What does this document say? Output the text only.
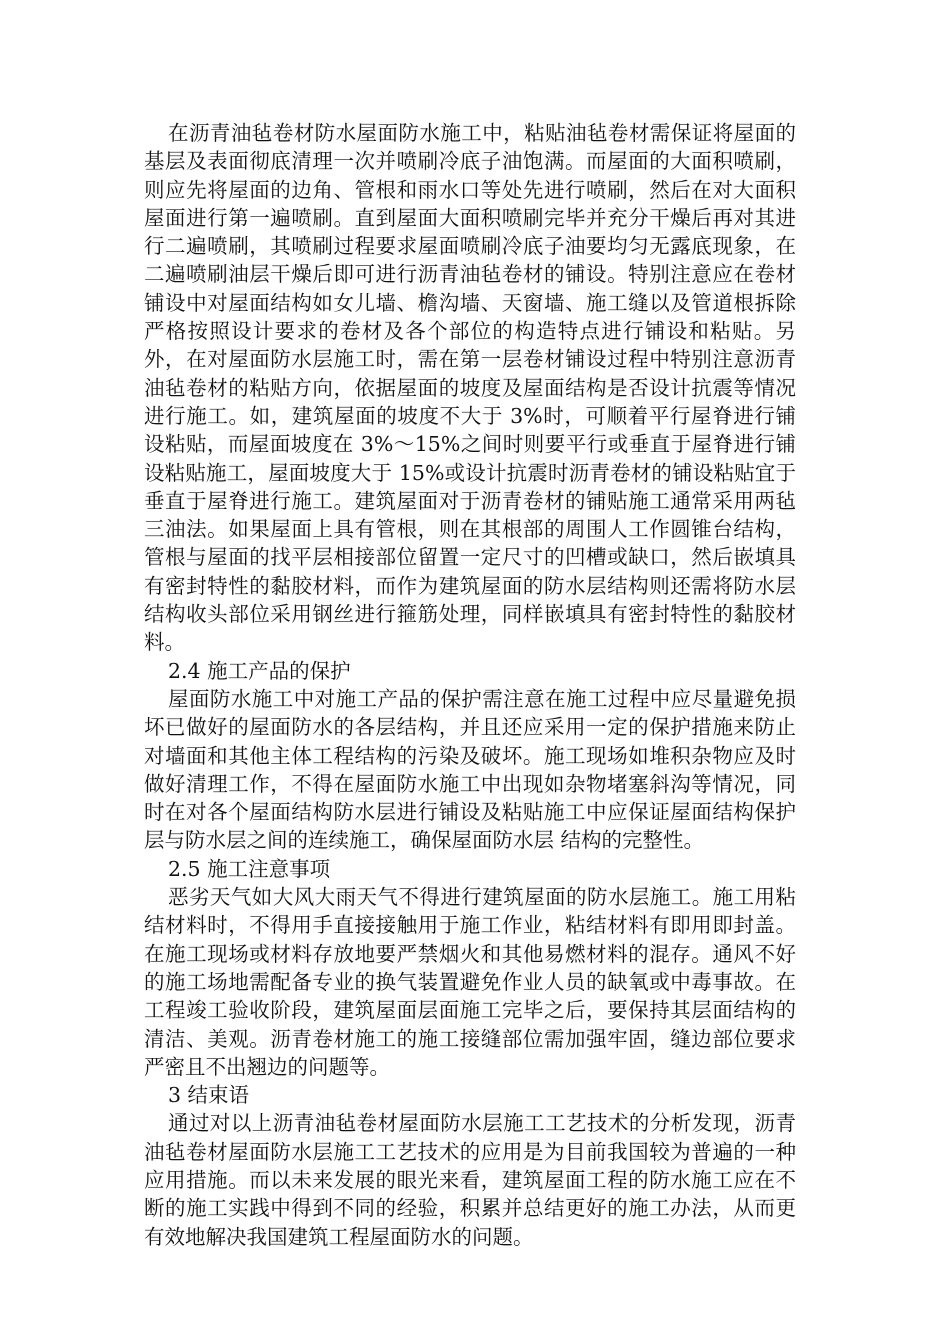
在沥青油毡卷材防水屋面防水施工中，粘贴油毡卷材需保证将屋面的基层及表面彻底清理一次并喷刷冷底子油饱满。而屋面的大面积喷刷，则应先将屋面的边角、管根和雨水口等处先进行喷刷，然后在对大面积屋面进行第一遍喷刷。直到屋面大面积喷刷完毕并充分干燥后再对其进行二遍喷刷，其喷刷过程要求屋面喷刷冷底子油要均匀无露底现象，在二遍喷刷油层干燥后即可进行沥青油毡卷材的铺设。特别注意应在卷材铺设中对屋面结构如女儿墙、檐沟墙、天窗墙、施工缝以及管道根拆除严格按照设计要求的卷材及各个部位的构造特点进行铺设和粘贴。另外，在对屋面防水层施工时，需在第一层卷材铺设过程中特别注意沥青油毡卷材的粘贴方向，依据屋面的坡度及屋面结构是否设计抗震等情况进行施工。如，建筑屋面的坡度不大于 3%时，可顺着平行屋脊进行铺设粘贴，而屋面坡度在 3%～15%之间时则要平行或垂直于屋脊进行铺设粘贴施工，屋面坡度大于 15%或设计抗震时沥青卷材的铺设粘贴宜于垂直于屋脊进行施工。建筑屋面对于沥青卷材的铺贴施工通常采用两毡三油法。如果屋面上具有管根，则在其根部的周围人工作圆锥台结构，管根与屋面的找平层相接部位留置一定尺寸的凹槽或缺口，然后嵌填具有密封特性的黏胶材料，而作为建筑屋面的防水层结构则还需将防水层结构收头部位采用钢丝进行箍筋处理，同样嵌填具有密封特性的黏胶材料。

2.4 施工产品的保护

屋面防水施工中对施工产品的保护需注意在施工过程中应尽量避免损坏已做好的屋面防水的各层结构，并且还应采用一定的保护措施来防止对墙面和其他主体工程结构的污染及破坏。施工现场如堆积杂物应及时做好清理工作，不得在屋面防水施工中出现如杂物堵塞斜沟等情况，同时在对各个屋面结构防水层进行铺设及粘贴施工中应保证屋面结构保护层与防水层之间的连续施工，确保屋面防水层 结构的完整性。

2.5 施工注意事项

恶劣天气如大风大雨天气不得进行建筑屋面的防水层施工。施工用粘结材料时，不得用手直接接触用于施工作业，粘结材料有即用即封盖。在施工现场或材料存放地要严禁烟火和其他易燃材料的混存。通风不好的施工场地需配备专业的换气装置避免作业人员的缺氧或中毒事故。在工程竣工验收阶段，建筑屋面层面施工完毕之后，要保持其层面结构的清洁、美观。沥青卷材施工的施工接缝部位需加强牢固，缝边部位要求严密且不出翘边的问题等。

3 结束语

通过对以上沥青油毡卷材屋面防水层施工工艺技术的分析发现，沥青油毡卷材屋面防水层施工工艺技术的应用是为目前我国较为普遍的一种应用措施。而以未来发展的眼光来看，建筑屋面工程的防水施工应在不断的施工实践中得到不同的经验，积累并总结更好的施工办法，从而更有效地解决我国建筑工程屋面防水的问题。
